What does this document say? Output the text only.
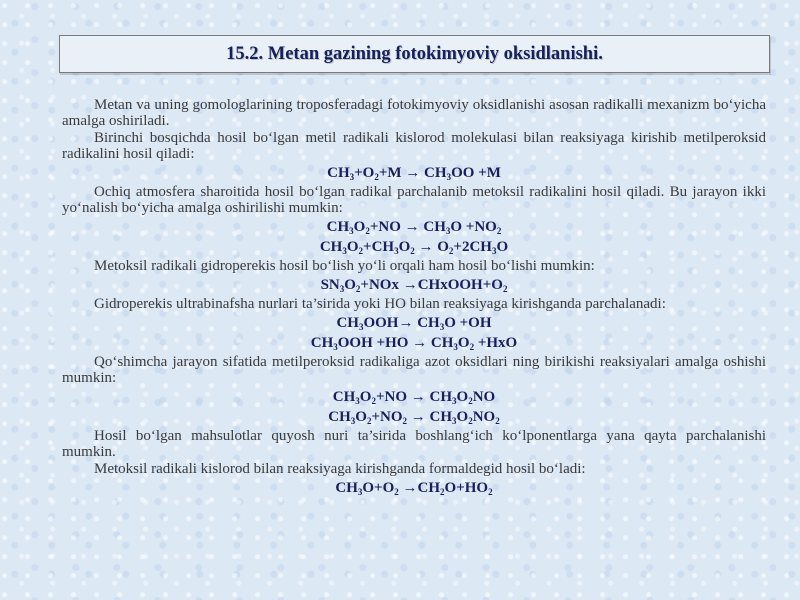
15.2. Metan gazining fotokimyoviy oksidlanishi.
Metan va uning gomologlarining troposferadagi fotokimyoviy oksidlanishi asosan radikalli mexanizm bo‘yicha amalga oshiriladi.
Birinchi bosqichda hosil bo‘lgan metil radikali kislorod molekulasi bilan reaksiyaga kirishib metilperoksid radikalini hosil qiladi:
$CH_3+O_2+M \to CH_3OO +M$
Ochiq atmosfera sharoitida hosil bo‘lgan radikal parchalanib metoksil radikalini hosil qiladi. Bu jarayon ikki yo‘nalish bo‘yicha amalga oshirilishi mumkin:
$CH_3O_2+NO \to CH_3O +NO_2$
$CH_3O_2+CH_3O_2 \to O_2+2CH_3O$
Metoksil radikali gidroperekis hosil bo‘lish yo‘li orqali ham hosil bo‘lishi mumkin:
$SN_3O_2+NOx$ $\to CHxOOH+O_2$
Gidroperekis ultrabinafsha nurlari ta’sirida yoki HO bilan reaksiyaga kirishganda parchalanadi:
$CH_3OOH\to CH_3O +OH$
$CH_3OOH +HO \to CH_3O_2 +HxO$
Qo‘shimcha jarayon sifatida metilperoksid radikaliga azot oksidlari ning birikishi reaksiyalari amalga oshishi mumkin:
$CH_3O_2+NO \to CH_3O_2NO$
$CH_3O_2+NO_2 \to CH_3O_2NO_2$
Hosil bo‘lgan mahsulotlar quyosh nuri ta’sirida boshlang‘ich ko‘lponentlarga yana qayta parchalanishi mumkin.
Metoksil radikali kislorod bilan reaksiyaga kirishganda formaldegid hosil bo‘ladi:
$CH_3O+O_2 \to CH_2O+HO_2$
